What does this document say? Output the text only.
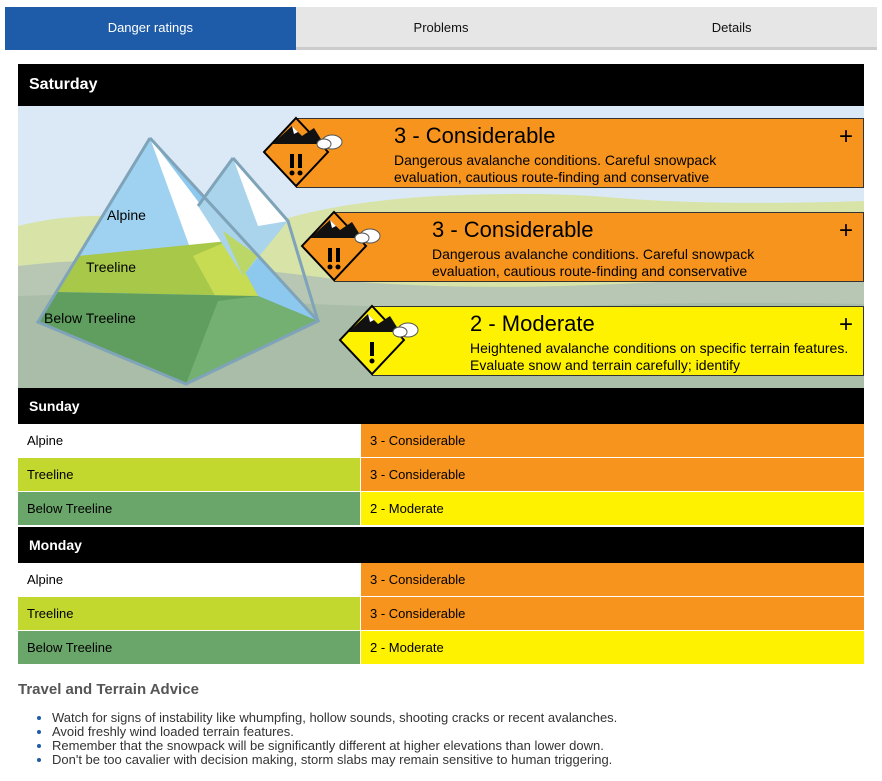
Danger ratings	Problems	Details
Saturday
Alpine
Treeline
Below Treeline
3 - Considerable
Dangerous avalanche conditions. Careful snowpack evaluation, cautious route-finding and conservative
+
3 - Considerable
Dangerous avalanche conditions. Careful snowpack evaluation, cautious route-finding and conservative
+
2 - Moderate
Heightened avalanche conditions on specific terrain features. Evaluate snow and terrain carefully; identify
+
Sunday
Alpine	3 - Considerable
Treeline	3 - Considerable
Below Treeline	2 - Moderate
Monday
Alpine	3 - Considerable
Treeline	3 - Considerable
Below Treeline	2 - Moderate
Travel and Terrain Advice
• Watch for signs of instability like whumpfing, hollow sounds, shooting cracks or recent avalanches.
• Avoid freshly wind loaded terrain features.
• Remember that the snowpack will be significantly different at higher elevations than lower down.
• Don't be too cavalier with decision making, storm slabs may remain sensitive to human triggering.
